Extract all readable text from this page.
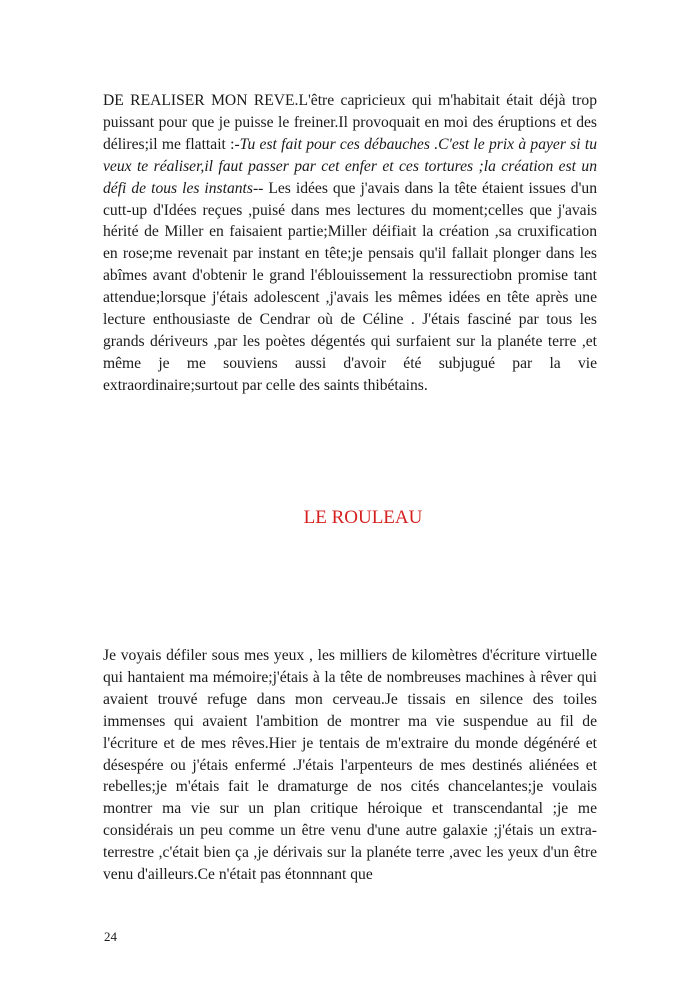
DE REALISER MON REVE.L'être capricieux qui m'habitait était déjà trop puissant pour que je puisse le freiner.Il provoquait en moi des éruptions et des délires;il me flattait :-Tu est fait pour ces débauches .C'est le prix à payer si tu veux te réaliser,il faut passer par cet enfer et ces tortures ;la création est un défi de tous les instants-- Les idées que j'avais dans la tête étaient issues d'un cutt-up d'Idées reçues ,puisé dans mes lectures du moment;celles que j'avais hérité de Miller en faisaient partie;Miller déifiait la création ,sa cruxification en rose;me revenait par instant en tête;je pensais qu'il fallait plonger dans les abîmes avant d'obtenir le grand l'éblouissement la ressurectiobn promise tant attendue;lorsque j'étais adolescent ,j'avais les mêmes idées en tête après une lecture enthousiaste de Cendrar où de Céline . J'étais fasciné par tous les grands dériveurs ,par les poètes dégentés qui surfaient sur la planéte terre ,et même je me souviens aussi d'avoir été subjugué par la vie extraordinaire;surtout par celle des saints thibétains.

LE ROULEAU

Je voyais défiler sous mes yeux , les milliers de kilomètres d'écriture virtuelle qui hantaient ma mémoire;j'étais à la tête de nombreuses machines à rêver qui avaient trouvé refuge dans mon cerveau.Je tissais en silence des toiles immenses qui avaient l'ambition de montrer ma vie suspendue au fil de l'écriture et de mes rêves.Hier je tentais de m'extraire du monde dégénéré et désespére ou j'étais enfermé .J'étais l'arpenteurs de mes destinés aliénées et rebelles;je m'étais fait le dramaturge de nos cités chancelantes;je voulais montrer ma vie sur un plan critique héroique et transcendantal ;je me considérais un peu comme un être venu d'une autre galaxie ;j'étais un extra-terrestre ,c'était bien ça ,je dérivais sur la planéte terre ,avec les yeux d'un être venu d'ailleurs.Ce n'était pas étonnnant que

24
